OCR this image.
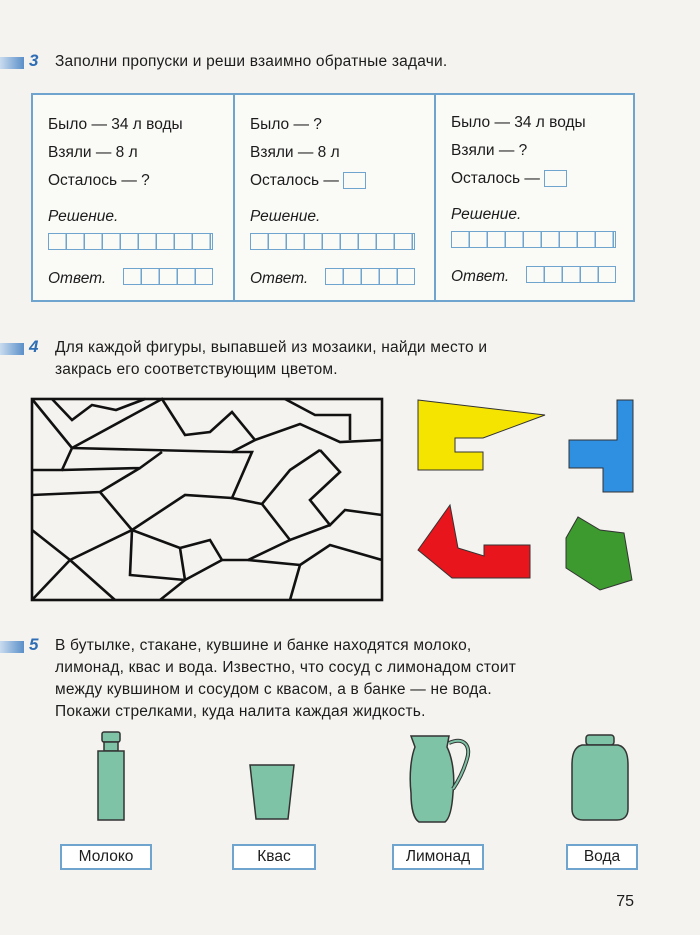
3 Заполни пропуски и реши взаимно обратные задачи.
Было — 34 л воды
Взяли — 8 л
Осталось — ?
Решение.
Ответ.
Было — ?
Взяли — 8 л
Осталось —
Решение.
Ответ.
Было — 34 л воды
Взяли — ?
Осталось —
Решение.
Ответ.
4 Для каждой фигуры, выпавшей из мозаики, найди место и
закрась его соответствующим цветом.
5 В бутылке, стакане, кувшине и банке находятся молоко,
лимонад, квас и вода. Известно, что сосуд с лимонадом стоит
между кувшином и сосудом с квасом, а в банке — не вода.
Покажи стрелками, куда налита каждая жидкость.
Молоко	Квас	Лимонад	Вода
75
